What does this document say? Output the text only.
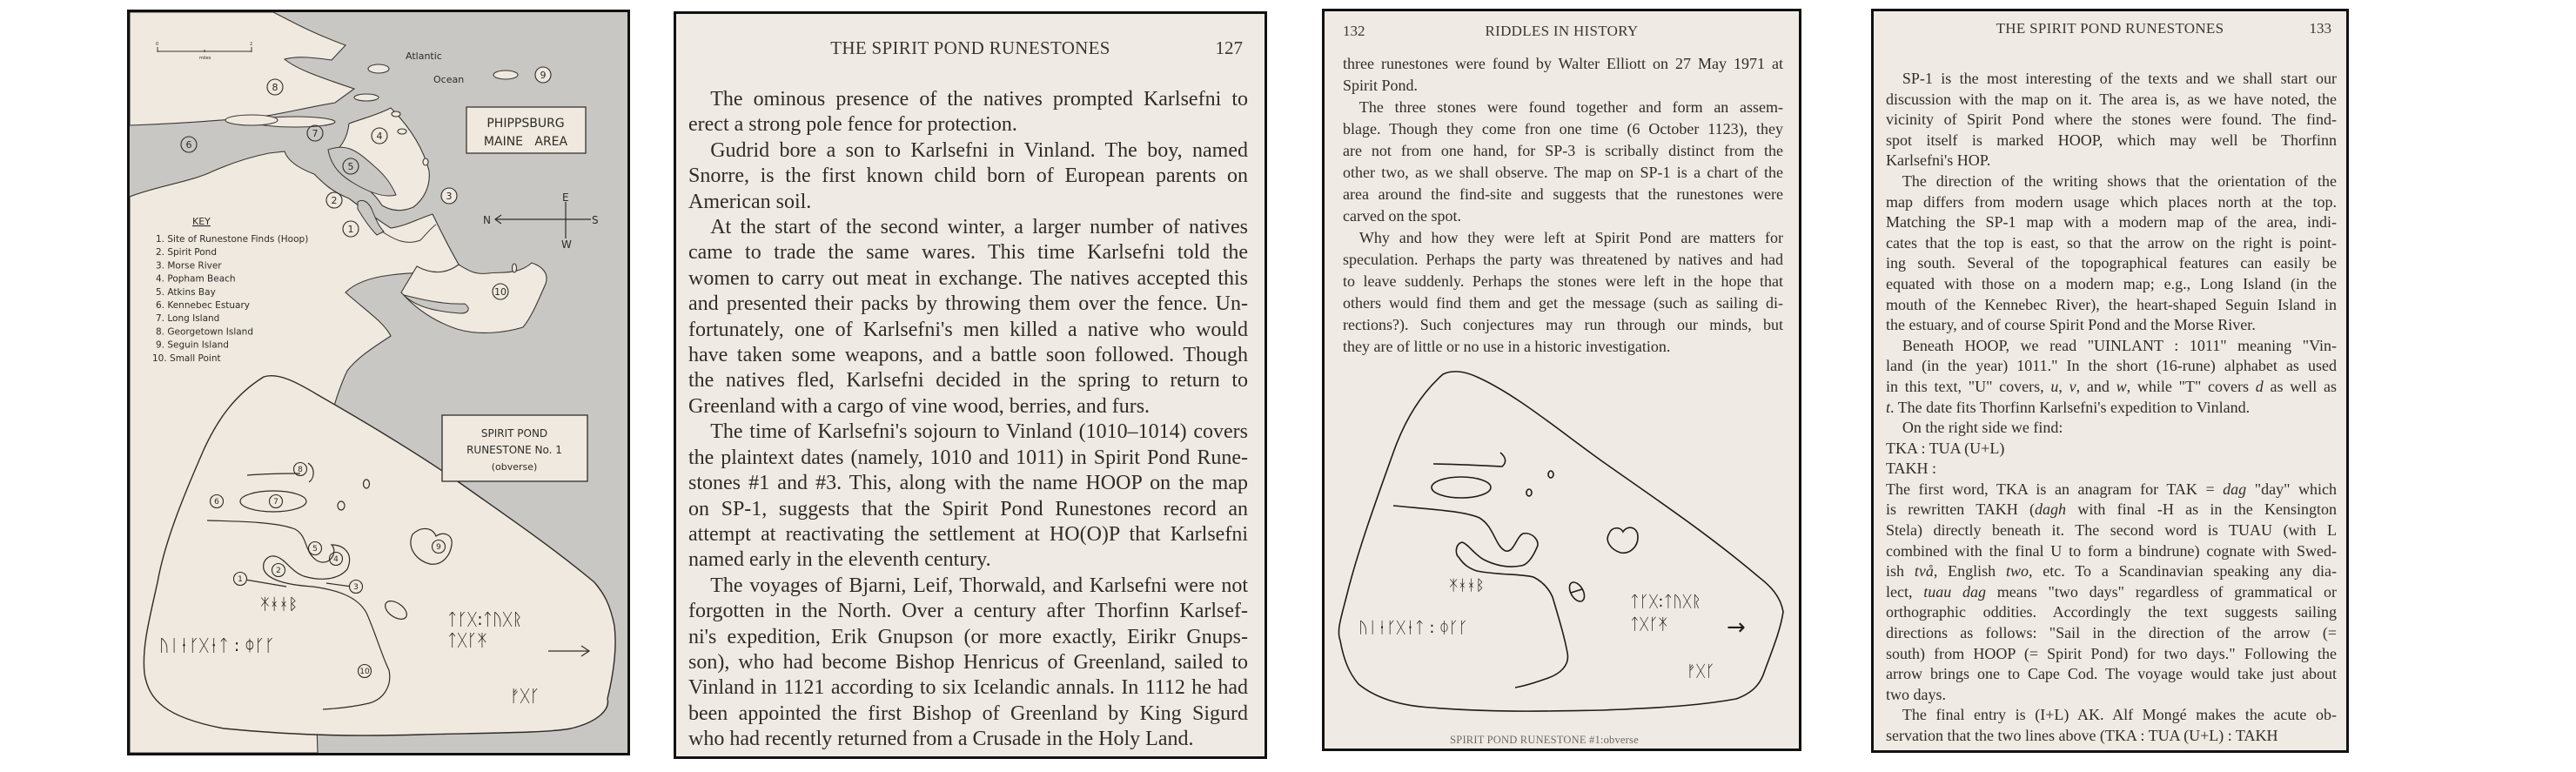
0	2
miles	Atlantic
Ocean
PHIPPSBURG
MAINE   AREA
N
E
S
W
KEY
1. Site of Runestone Finds (Hoop)
2. Spirit Pond
3. Morse River
4. Popham Beach
5. Atkins Bay
6. Kennebec Estuary
7. Long Island
8. Georgetown Island
9. Seguin Island
10. Small Point
1
2	3
4
5
6
7
8
9
10
SPIRIT POND
RUNESTONE No. 1
(obverse)
1
2
3
4
5
6	7
8
9
10
ᛡᚼᚼᛒ
ᚢᛁᚽᚴᚷᚽᛏ : ᛰᚴᚴ
ᛏᚴᚷ:ᛏᚢᚷᚱ
ᛏᚷᚴᛡ
ᚠᚷᚴ
THE SPIRIT POND RUNESTONES	127
The ominous presence of the natives prompted Karlsefni to
erect a strong pole fence for protection.
Gudrid bore a son to Karlsefni in Vinland. The boy, named
Snorre, is the first known child born of European parents on
American soil.
At the start of the second winter, a larger number of natives
came to trade the same wares. This time Karlsefni told the
women to carry out meat in exchange. The natives accepted this
and presented their packs by throwing them over the fence. Un-
fortunately, one of Karlsefni's men killed a native who would
have taken some weapons, and a battle soon followed. Though
the natives fled, Karlsefni decided in the spring to return to
Greenland with a cargo of vine wood, berries, and furs.
The time of Karlsefni's sojourn to Vinland (1010–1014) covers
the plaintext dates (namely, 1010 and 1011) in Spirit Pond Rune-
stones #1 and #3. This, along with the name HOOP on the map
on SP-1, suggests that the Spirit Pond Runestones record an
attempt at reactivating the settlement at HO(O)P that Karlsefni
named early in the eleventh century.
The voyages of Bjarni, Leif, Thorwald, and Karlsefni were not
forgotten in the North. Over a century after Thorfinn Karlsef-
ni's expedition, Erik Gnupson (or more exactly, Eirikr Gnups-
son), who had become Bishop Henricus of Greenland, sailed to
Vinland in 1121 according to six Icelandic annals. In 1112 he had
been appointed the first Bishop of Greenland by King Sigurd
who had recently returned from a Crusade in the Holy Land.
132	RIDDLES IN HISTORY
three runestones were found by Walter Elliott on 27 May 1971 at
Spirit Pond.
The three stones were found together and form an assem-
blage. Though they come fron one time (6 October 1123), they
are not from one hand, for SP-3 is scribally distinct from the
other two, as we shall observe. The map on SP-1 is a chart of the
area around the find-site and suggests that the runestones were
carved on the spot.
Why and how they were left at Spirit Pond are matters for
speculation. Perhaps the party was threatened by natives and had
to leave suddenly. Perhaps the stones were left in the hope that
others would find them and get the message (such as sailing di-
rections?). Such conjectures may run through our minds, but
they are of little or no use in a historic investigation.
ᛡᚼᚼᛒ
ᚢᛁᚽᚴᚷᚽᛏ : ᛰᚴᚴ
ᛏᚴᚷ:ᛏᚢᚷᚱ
ᛏᚷᚴᛡ	→
ᚠᚷᚴ
SPIRIT POND RUNESTONE #1:obverse
THE SPIRIT POND RUNESTONES	133
SP-1 is the most interesting of the texts and we shall start our
discussion with the map on it. The area is, as we have noted, the
vicinity of Spirit Pond where the stones were found. The find-
spot itself is marked HOOP, which may well be Thorfinn
Karlsefni's HOP.
The direction of the writing shows that the orientation of the
map differs from modern usage which places north at the top.
Matching the SP-1 map with a modern map of the area, indi-
cates that the top is east, so that the arrow on the right is point-
ing south. Several of the topographical features can easily be
equated with those on a modern map; e.g., Long Island (in the
mouth of the Kennebec River), the heart-shaped Seguin Island in
the estuary, and of course Spirit Pond and the Morse River.
Beneath HOOP, we read "UINLANT : 1011" meaning "Vin-
land (in the year) 1011." In the short (16-rune) alphabet as used
in this text, "U" covers, u, v, and w, while "T" covers d as well as
t. The date fits Thorfinn Karlsefni's expedition to Vinland.
On the right side we find:
TKA : TUA (U+L)
TAKH :
The first word, TKA is an anagram for TAK = dag "day" which
is rewritten TAKH (dagh with final -H as in the Kensington
Stela) directly beneath it. The second word is TUAU (with L
combined with the final U to form a bindrune) cognate with Swed-
ish två, English two, etc. To a Scandinavian speaking any dia-
lect, tuau dag means "two days" regardless of grammatical or
orthographic oddities. Accordingly the text suggests sailing
directions as follows: "Sail in the direction of the arrow (=
south) from HOOP (= Spirit Pond) for two days." Following the
arrow brings one to Cape Cod. The voyage would take just about
two days.
The final entry is (I+L) AK. Alf Mongé makes the acute ob-
servation that the two lines above (TKA : TUA (U+L) : TAKH
